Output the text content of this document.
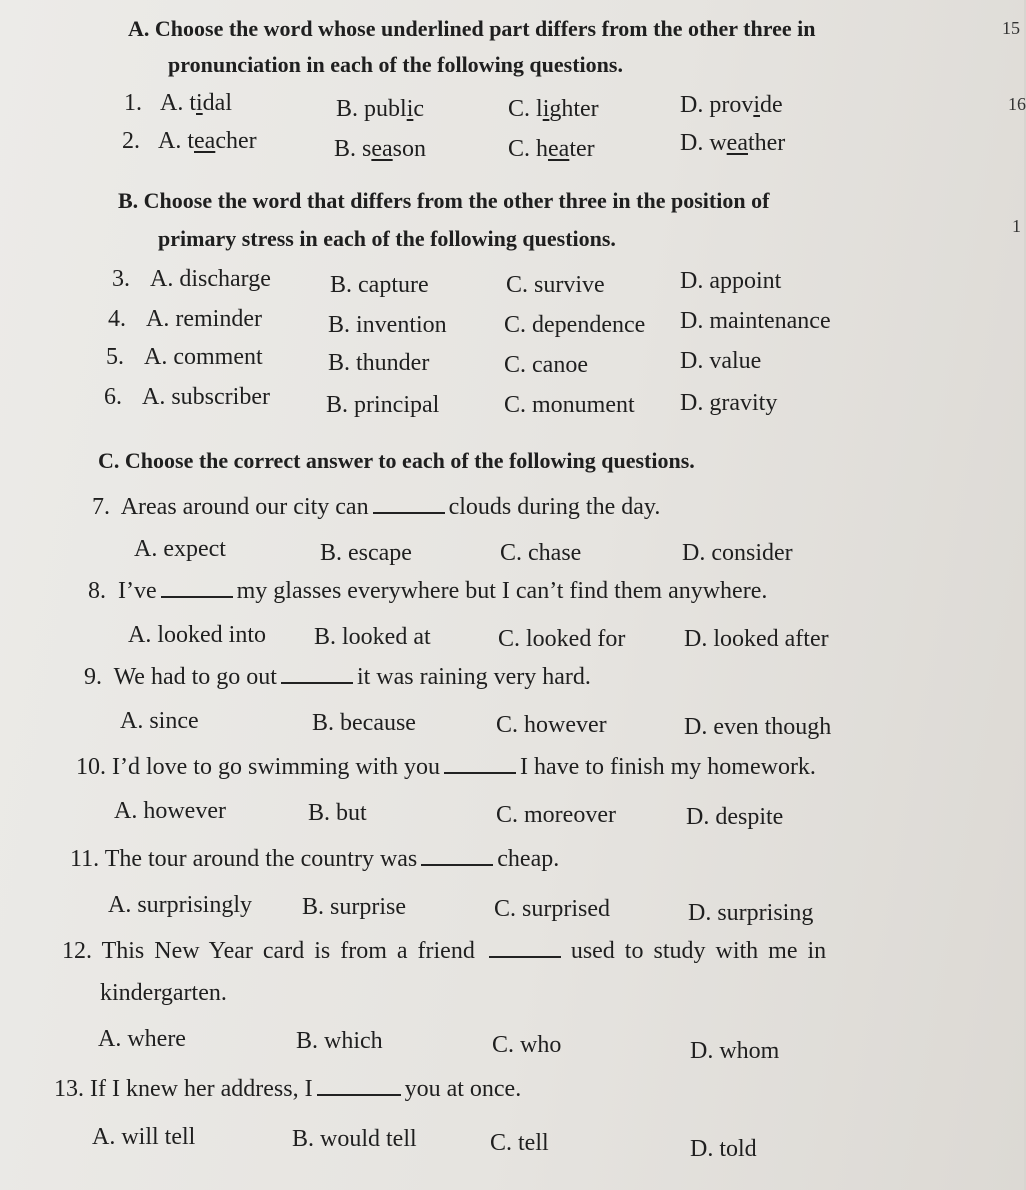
15
16
1
A. Choose the word whose underlined part differs from the other three in
pronunciation in each of the following questions.
1. A. tidal	B. public	C. lighter	D. provide
2. A. teacher	B. season	C. heater	D. weather
B. Choose the word that differs from the other three in the position of
primary stress in each of the following questions.
3. A. discharge B. capture	C. survive	D. appoint
4. A. reminder	B. invention C. dependence D. maintenance
5. A. comment	B. thunder	C. canoe	D. value
6. A. subscriber B. principal	C. monument D. gravity
C. Choose the correct answer to each of the following questions.
7. Areas around our city can	clouds during the day.
A. expect	B. escape	C. chase	D. consider
8. I’ve	my glasses everywhere but I can’t find them anywhere.
A. looked into B. looked at	C. looked for D. looked after
9. We had to go out	it was raining very hard.
A. since	B. because	C. however	D. even though
10. I’d love to go swimming with you	I have to finish my homework.
A. however	B. but	C. moreover	D. despite
11. The tour around the country was	cheap.
A. surprisingly B. surprise	C. surprised	D. surprising
12. This New Year card is from a friend	used to study with me in
kindergarten.
A. where	B. which	C. who	D. whom
13. If I knew her address, I	you at once.
A. will tell	B. would tell	C. tell	D. told
